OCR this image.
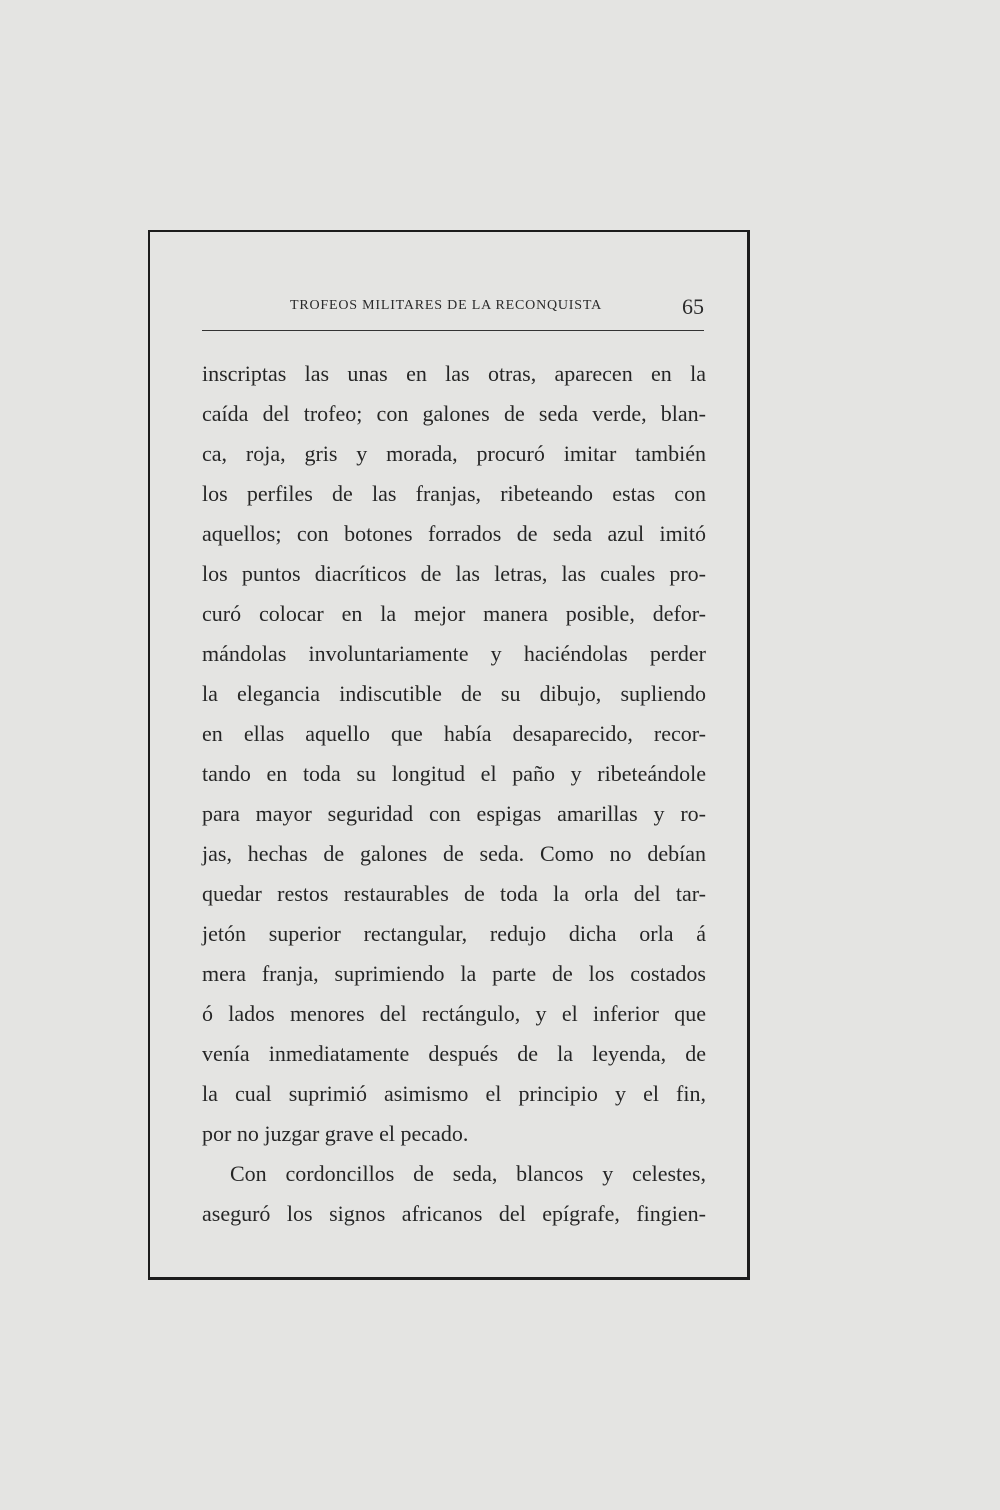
TROFEOS MILITARES DE LA RECONQUISTA	65
inscriptas las unas en las otras, aparecen en la
caída del trofeo; con galones de seda verde, blan-
ca, roja, gris y morada, procuró imitar también
los perfiles de las franjas, ribeteando estas con
aquellos; con botones forrados de seda azul imitó
los puntos diacríticos de las letras, las cuales pro-
curó colocar en la mejor manera posible, defor-
mándolas involuntariamente y haciéndolas perder
la elegancia indiscutible de su dibujo, supliendo
en ellas aquello que había desaparecido, recor-
tando en toda su longitud el paño y ribeteándole
para mayor seguridad con espigas amarillas y ro-
jas, hechas de galones de seda. Como no debían
quedar restos restaurables de toda la orla del tar-
jetón superior rectangular, redujo dicha orla á
mera franja, suprimiendo la parte de los costados
ó lados menores del rectángulo, y el inferior que
venía inmediatamente después de la leyenda, de
la cual suprimió asimismo el principio y el fin,
por no juzgar grave el pecado.
Con cordoncillos de seda, blancos y celestes,
aseguró los signos africanos del epígrafe, fingien-
